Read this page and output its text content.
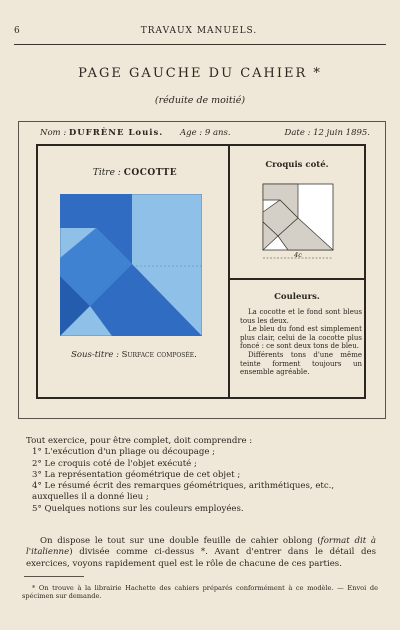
6	TRAVAUX MANUELS.
PAGE GAUCHE DU CAHIER *
(réduite de moitié)
Nom : DUFRÈNE Louis. Age : 9 ans.	Date : 12 juin 1895.
Titre : COCOTTE
Sous-titre : Surface composée.
Croquis coté.
4c
Couleurs.

La cocotte et le fond sont bleus tous les deux.

Le bleu du fond est simplement plus clair, celui de la cocotte plus foncé : ce sont deux tons de bleu.

Différents tons d'une même teinte forment toujours un ensemble agréable.

Tout exercice, pour être complet, doit comprendre :
1° L'exécution d'un pliage ou découpage ;
2° Le croquis coté de l'objet exécuté ;
3° La représentation géométrique de cet objet ;
4° Le résumé écrit des remarques géométriques, arithmétiques, etc., auxquelles il a donné lieu ;
5° Quelques notions sur les couleurs employées.
On dispose le tout sur une double feuille de cahier oblong (format dit à l'italienne) divisée comme ci-dessus *. Avant d'entrer dans le détail des exercices, voyons rapidement quel est le rôle de chacune de ces parties.
* On trouve à la librairie Hachette des cahiers préparés conformément à ce modèle. — Envoi de spécimen sur demande.
